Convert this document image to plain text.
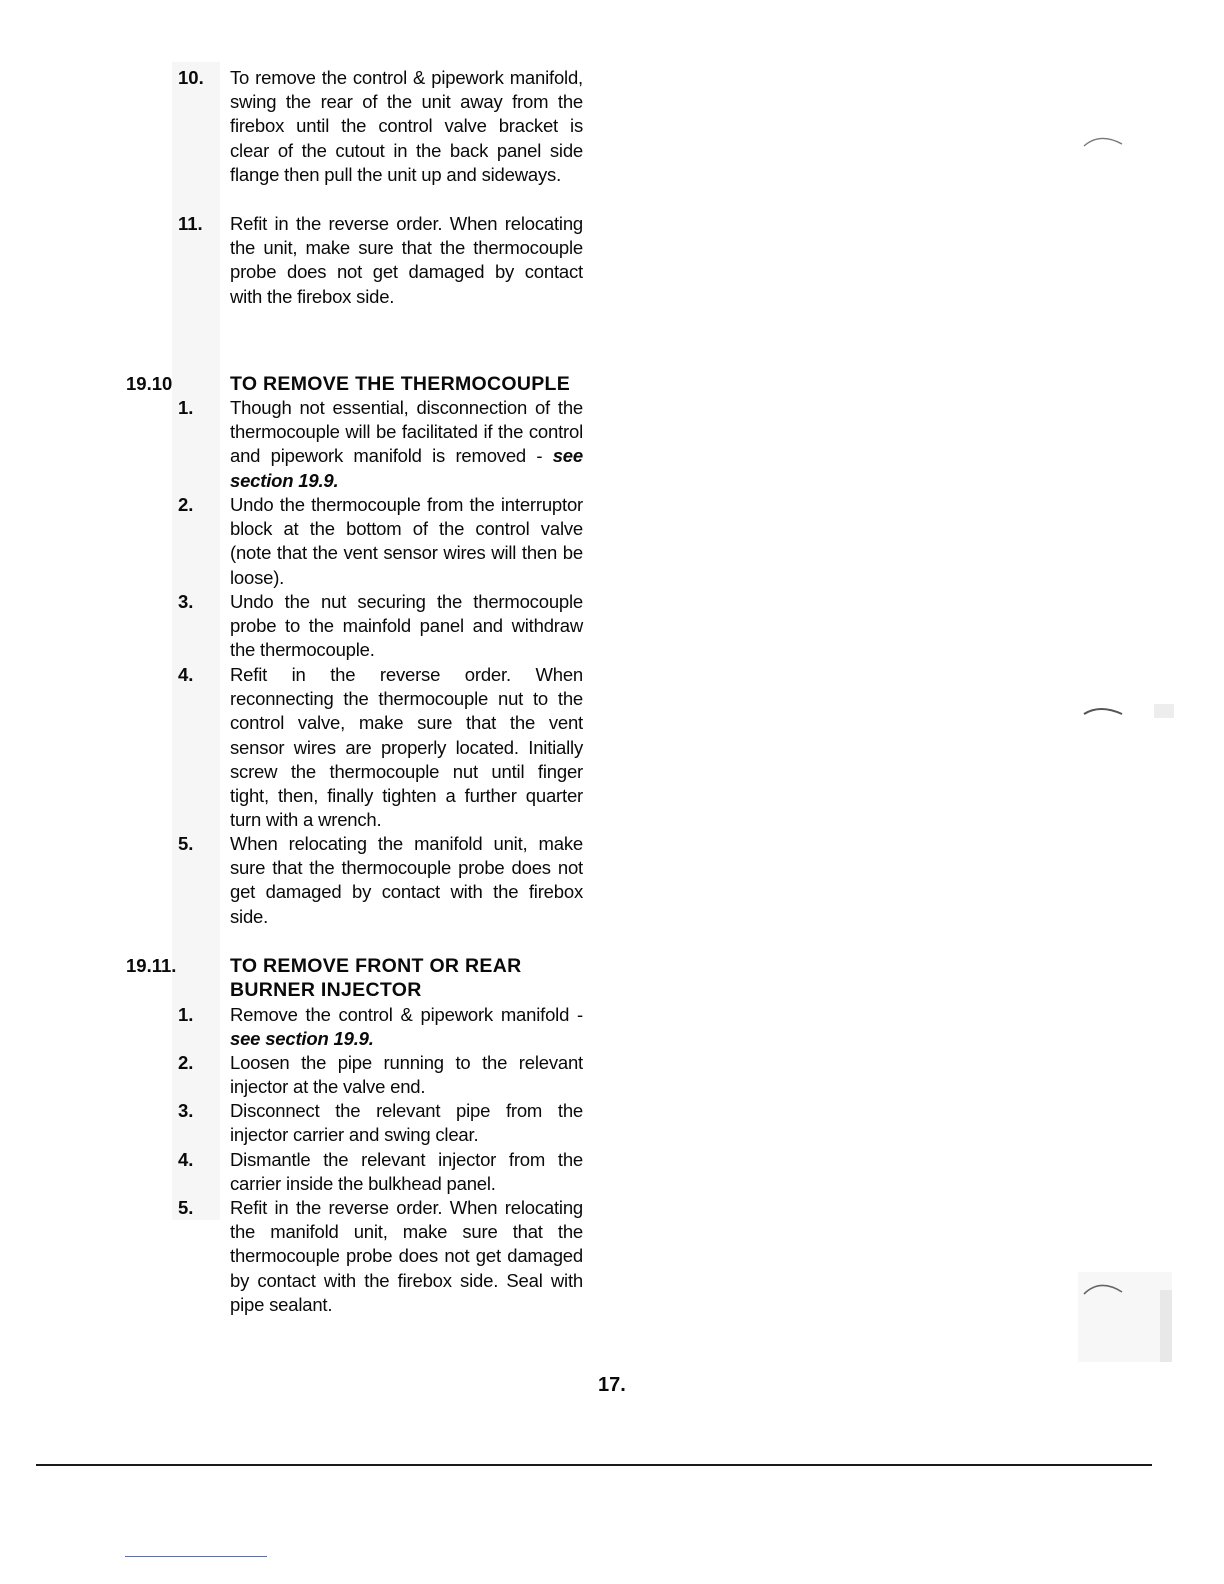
10.	To remove the control & pipework manifold, swing the rear of the unit away from the firebox until the control valve bracket is clear of the cutout in the back panel side flange then pull the unit up and sideways.
11.	Refit in the reverse order. When relocating the unit, make sure that the thermocouple probe does not get damaged by contact with the firebox side.
19.10	TO REMOVE THE THERMOCOUPLE
1.	Though not essential, disconnection of the thermocouple will be facilitated if the control and pipework manifold is removed - see section 19.9.
2.	Undo the thermocouple from the interruptor block at the bottom of the control valve (note that the vent sensor wires will then be loose).
3.	Undo the nut securing the thermocouple probe to the mainfold panel and withdraw the thermocouple.
4.	Refit in the reverse order. When reconnecting the thermocouple nut to the control valve, make sure that the vent sensor wires are properly located. Initially screw the thermocouple nut until finger tight, then, finally tighten a further quarter turn with a wrench.
5.	When relocating the manifold unit, make sure that the thermocouple probe does not get damaged by contact with the firebox side.
19.11.	TO REMOVE FRONT OR REAR BURNER INJECTOR
1.	Remove the control & pipework manifold - see section 19.9.
2.	Loosen the pipe running to the relevant injector at the valve end.
3.	Disconnect the relevant pipe from the injector carrier and swing clear.
4.	Dismantle the relevant injector from the carrier inside the bulkhead panel.
5.	Refit in the reverse order. When relocating the manifold unit, make sure that the thermocouple probe does not get damaged by contact with the firebox side. Seal with pipe sealant.
17.
